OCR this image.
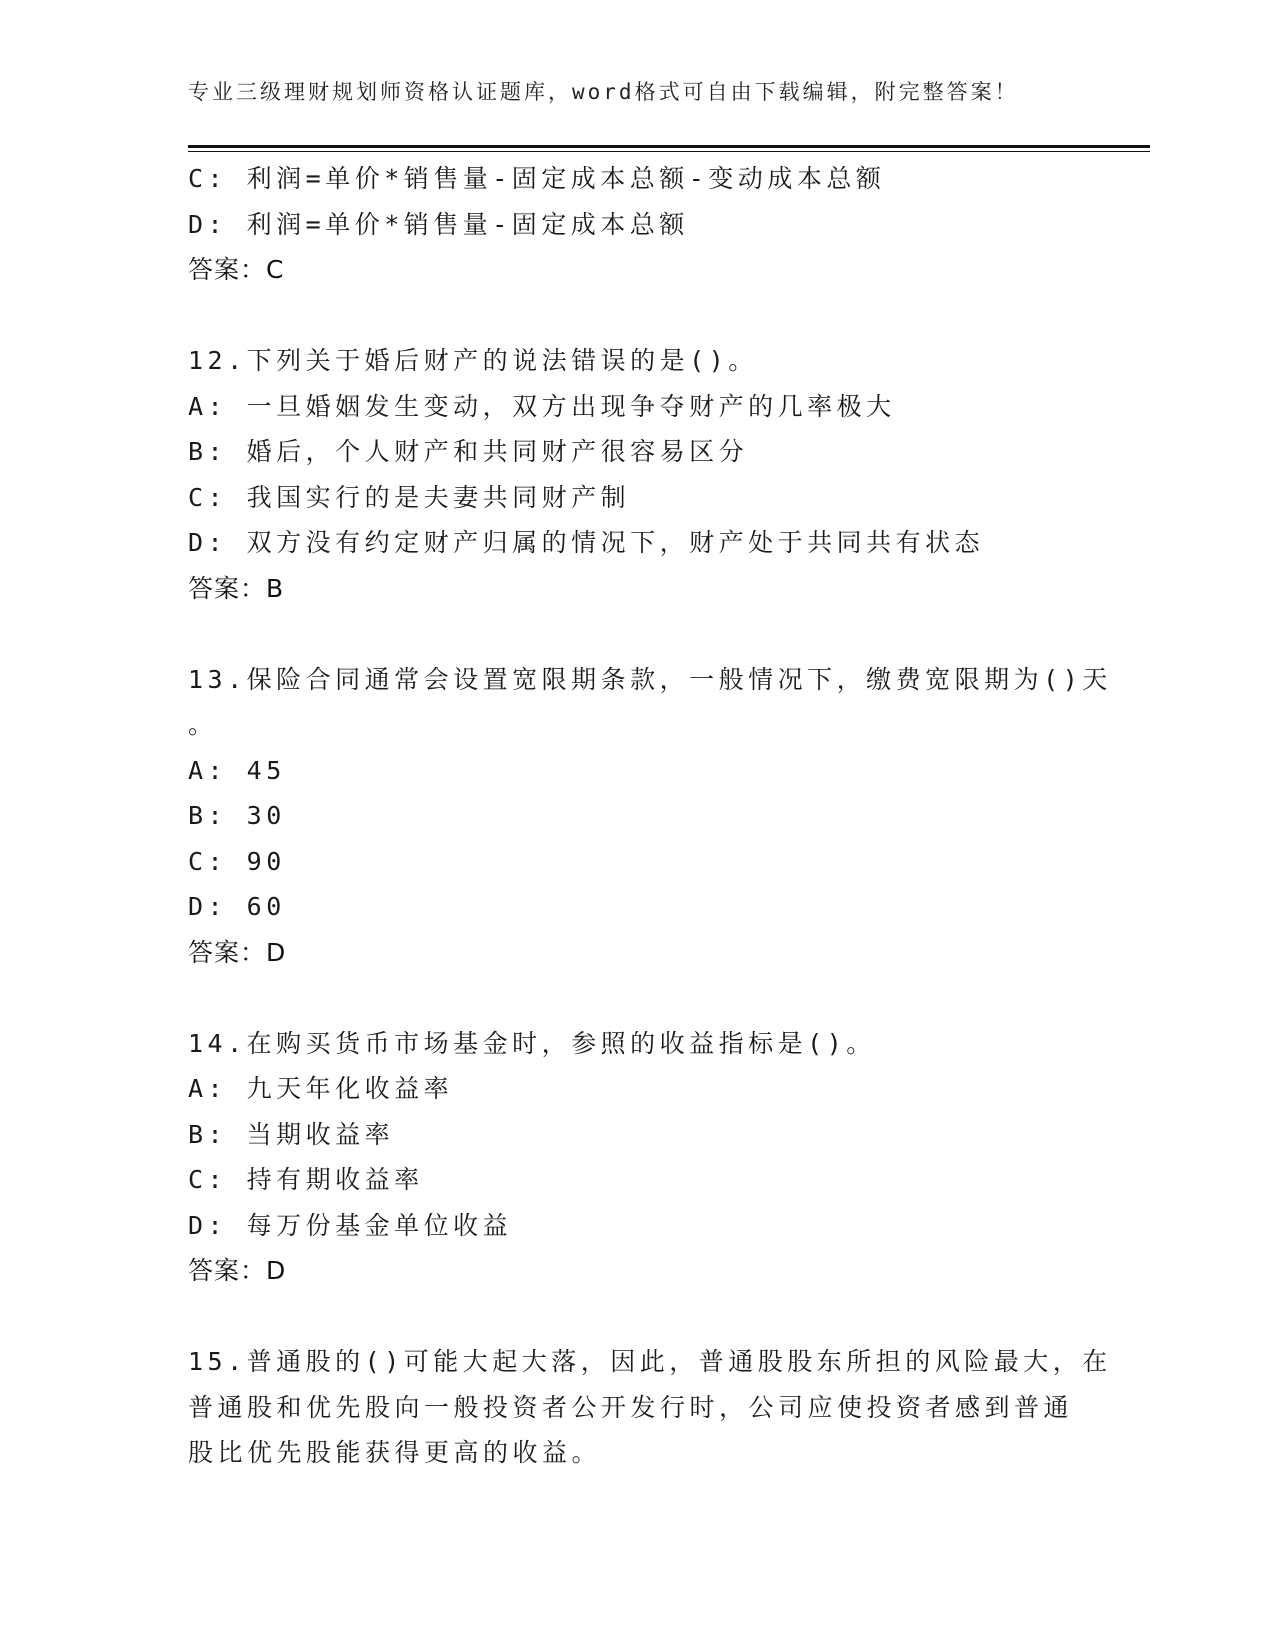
专业三级理财规划师资格认证题库，word格式可自由下载编辑，附完整答案！
C: 利润=单价*销售量-固定成本总额-变动成本总额
D: 利润=单价*销售量-固定成本总额
答案：C
12.下列关于婚后财产的说法错误的是()。
A: 一旦婚姻发生变动，双方出现争夺财产的几率极大
B: 婚后，个人财产和共同财产很容易区分
C: 我国实行的是夫妻共同财产制
D: 双方没有约定财产归属的情况下，财产处于共同共有状态
答案：B
13.保险合同通常会设置宽限期条款，一般情况下，缴费宽限期为()天
。
A: 45
B: 30
C: 90
D: 60
答案：D
14.在购买货币市场基金时，参照的收益指标是()。
A: 九天年化收益率
B: 当期收益率
C: 持有期收益率
D: 每万份基金单位收益
答案：D
15.普通股的()可能大起大落，因此，普通股股东所担的风险最大，在
普通股和优先股向一般投资者公开发行时，公司应使投资者感到普通
股比优先股能获得更高的收益。
